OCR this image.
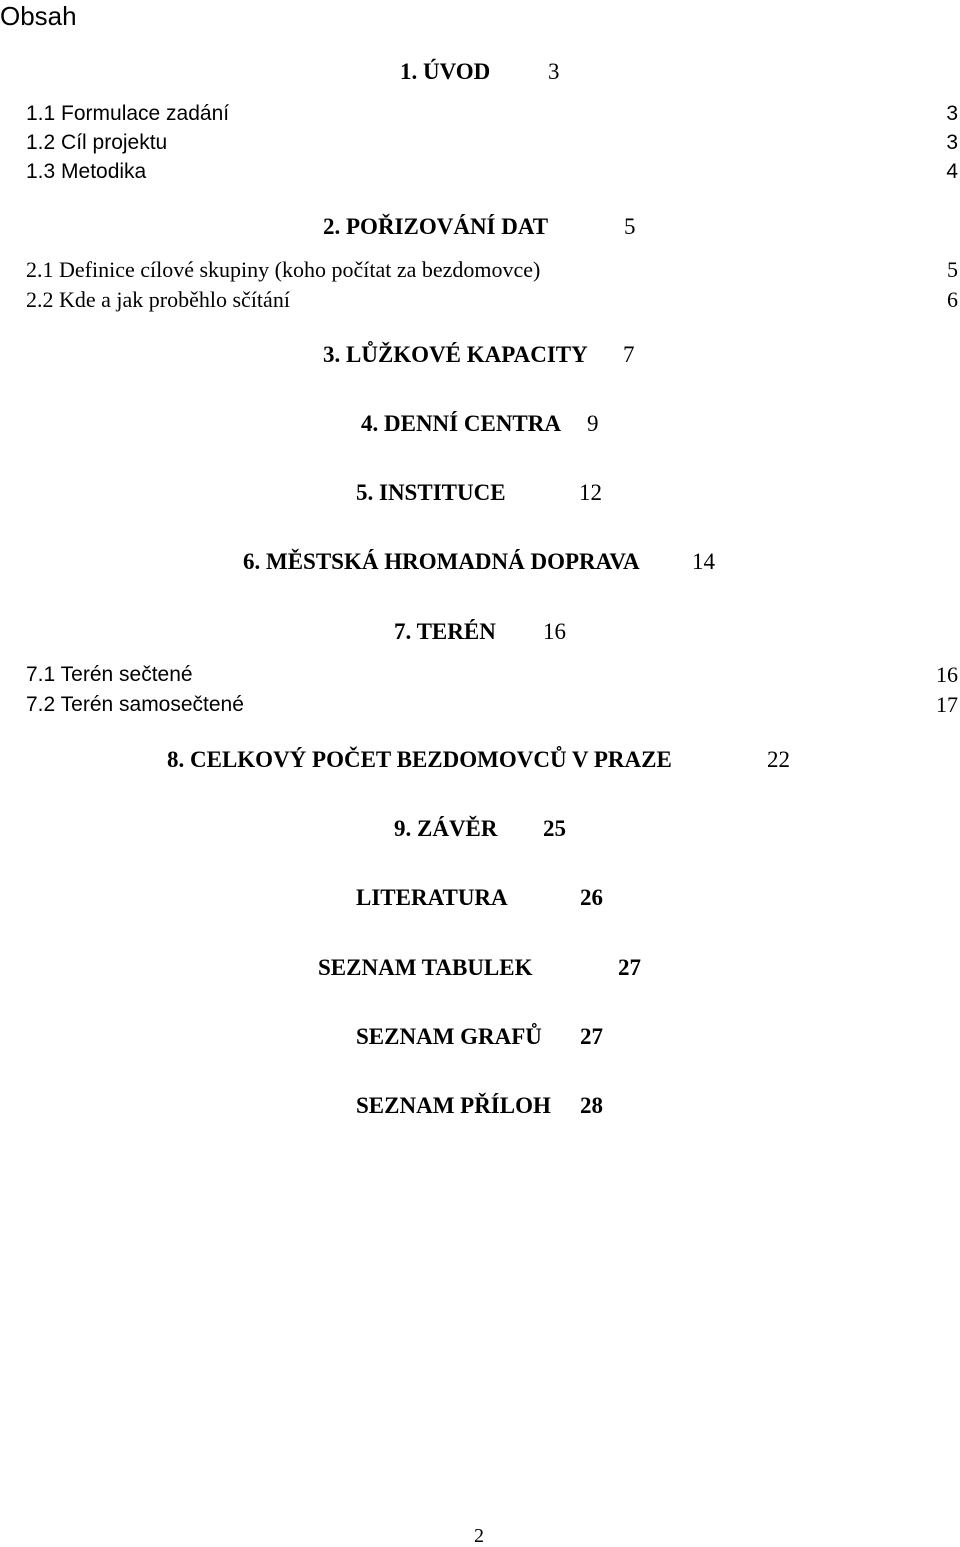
Obsah
1. ÚVOD	3
1.1 Formulace zadání	3
1.2 Cíl projektu	3
1.3 Metodika	4
2. POŘIZOVÁNÍ DAT	5
2.1 Definice cílové skupiny (koho počítat za bezdomovce)	5
2.2 Kde a jak proběhlo sčítání	6
3. LŮŽKOVÉ KAPACITY 7
4. DENNÍ CENTRA 9
5. INSTITUCE	12
6. MĚSTSKÁ HROMADNÁ DOPRAVA 14
7. TERÉN 16
7.1 Terén sečtené	16
7.2 Terén samosečtené	17
8. CELKOVÝ POČET BEZDOMOVCŮ V PRAZE	22
9. ZÁVĚR 25
LITERATURA	26
SEZNAM TABULEK	27
SEZNAM GRAFŮ 27
SEZNAM PŘÍLOH 28
2
